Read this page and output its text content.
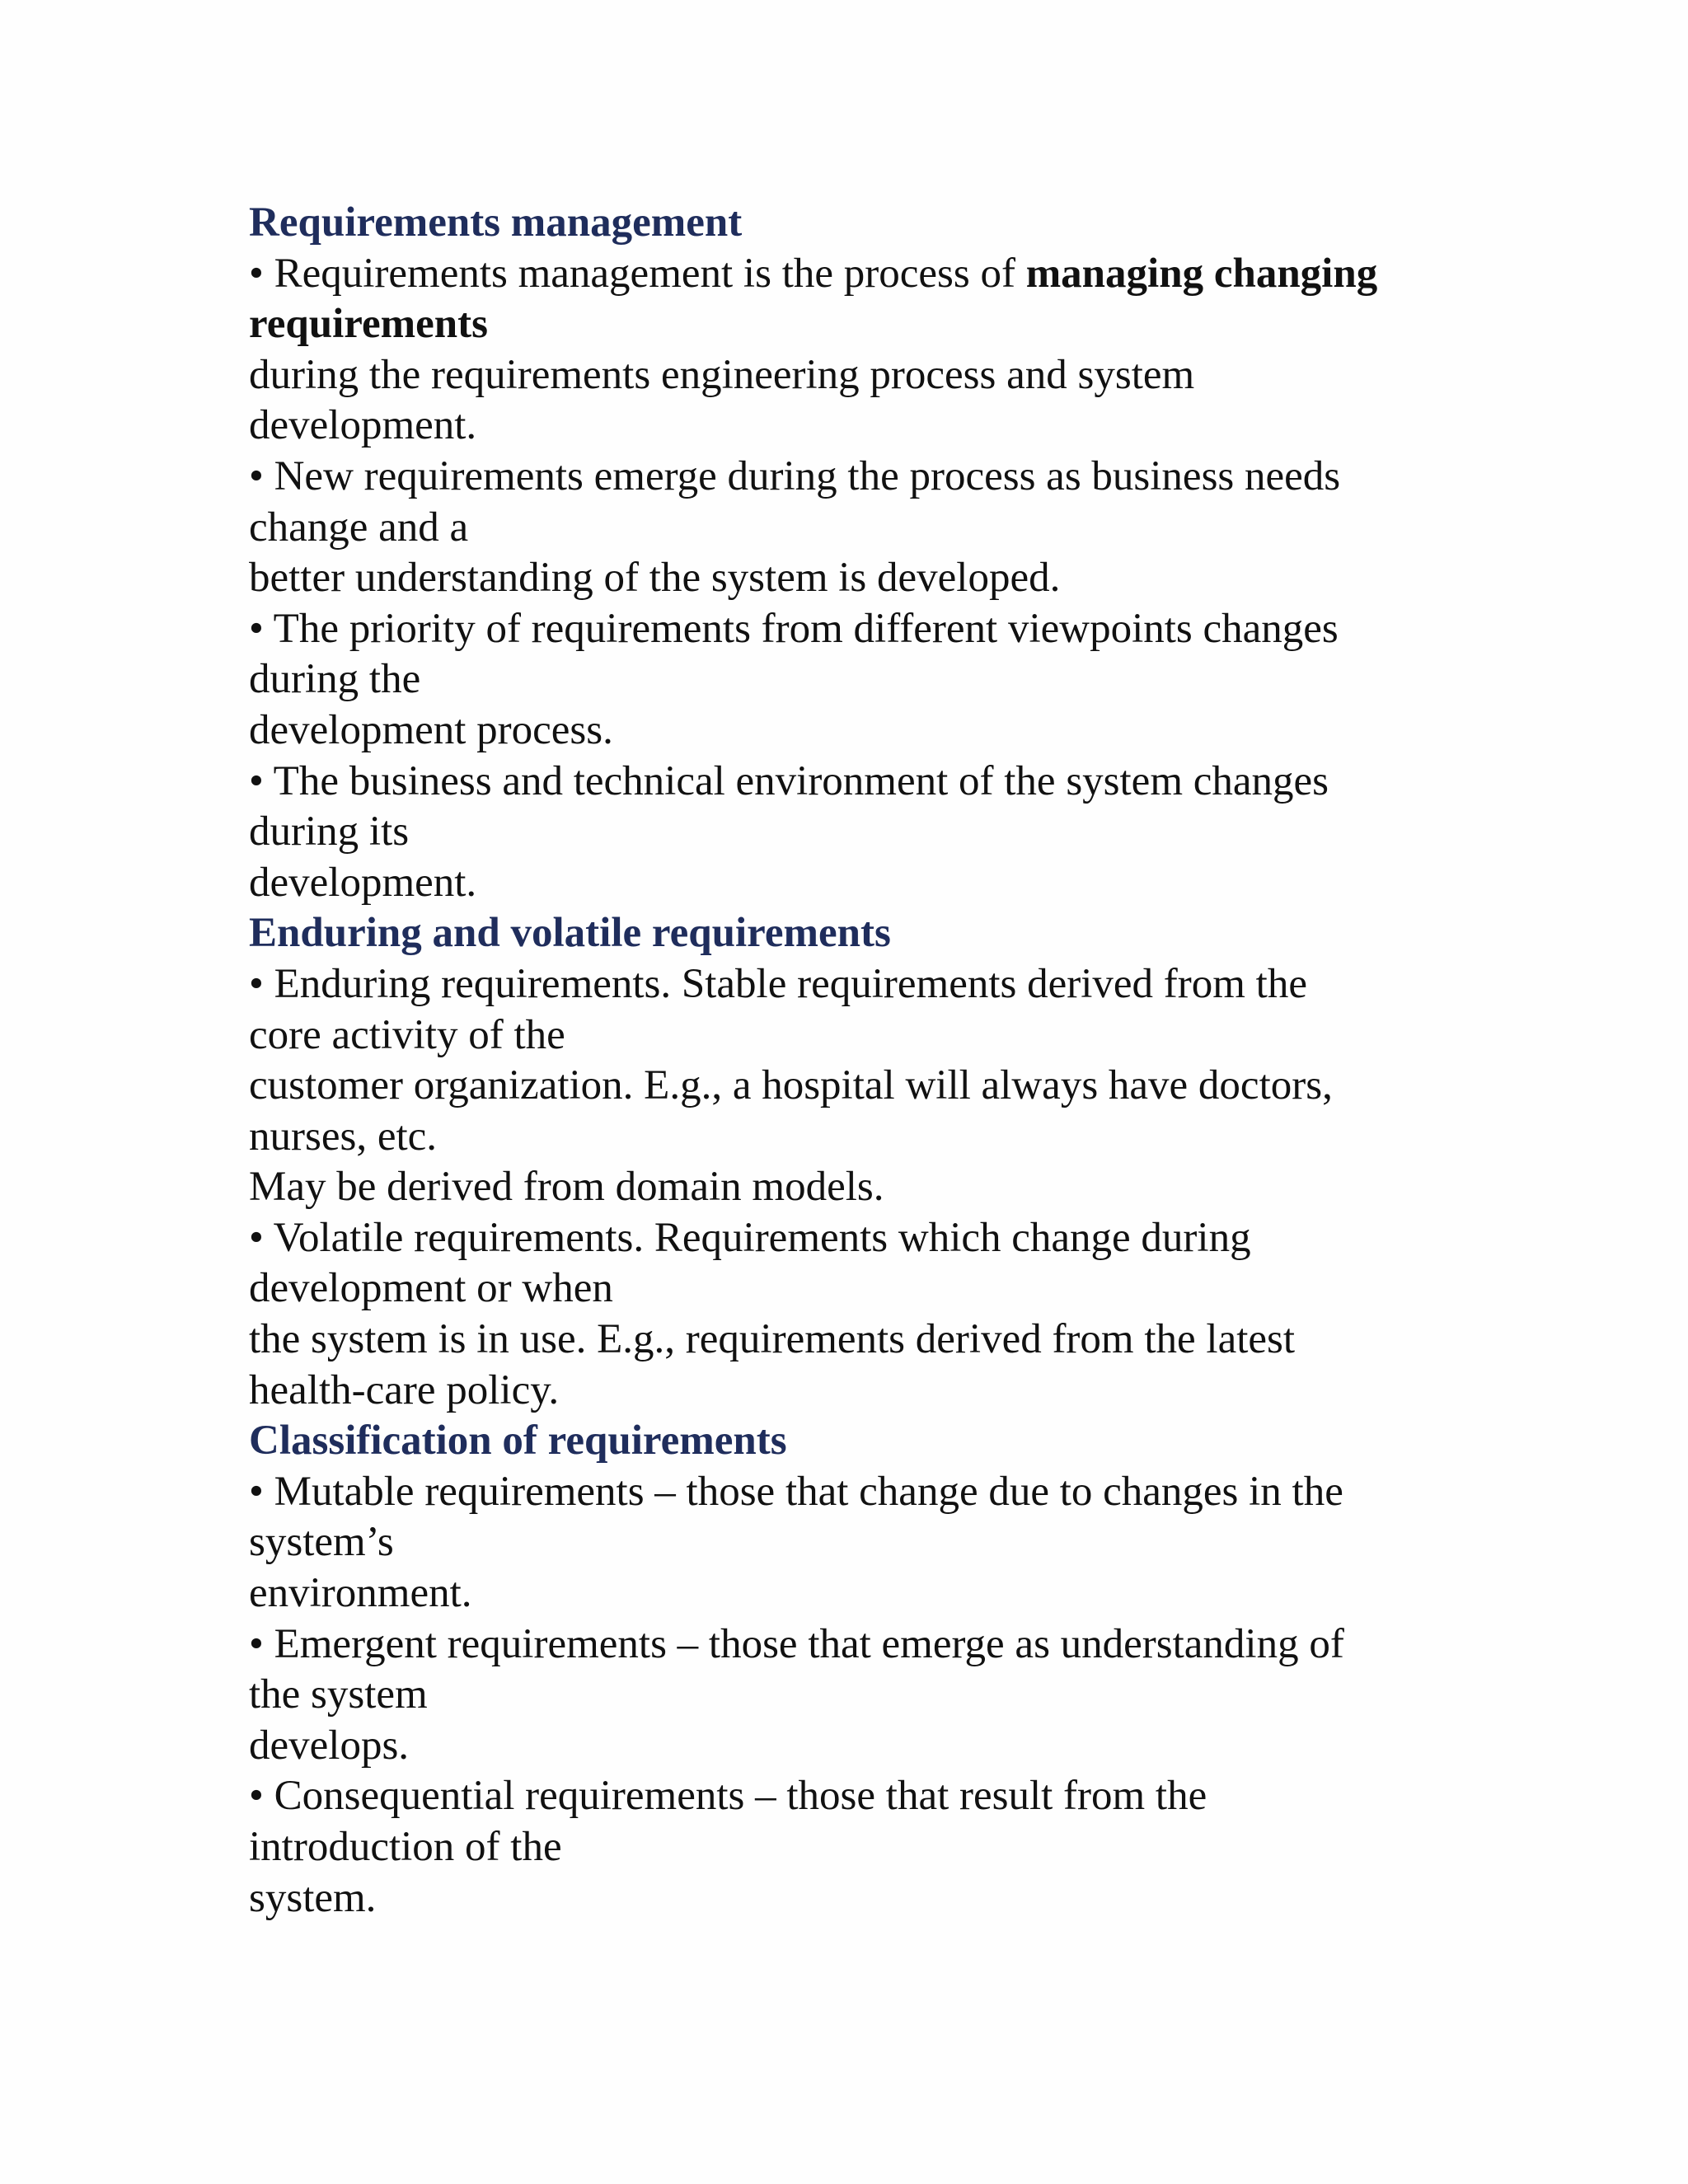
Requirements management
• Requirements management is the process of managing changing
requirements
during the requirements engineering process and system
development.
• New requirements emerge during the process as business needs
change and a
better understanding of the system is developed.
• The priority of requirements from different viewpoints changes
during the
development process.
• The business and technical environment of the system changes
during its
development.
Enduring and volatile requirements
• Enduring requirements. Stable requirements derived from the
core activity of the
customer organization. E.g., a hospital will always have doctors,
nurses, etc.
May be derived from domain models.
• Volatile requirements. Requirements which change during
development or when
the system is in use. E.g., requirements derived from the latest
health-care policy.
Classification of requirements
• Mutable requirements – those that change due to changes in the
system’s
environment.
• Emergent requirements – those that emerge as understanding of
the system
develops.
• Consequential requirements – those that result from the
introduction of the
system.
